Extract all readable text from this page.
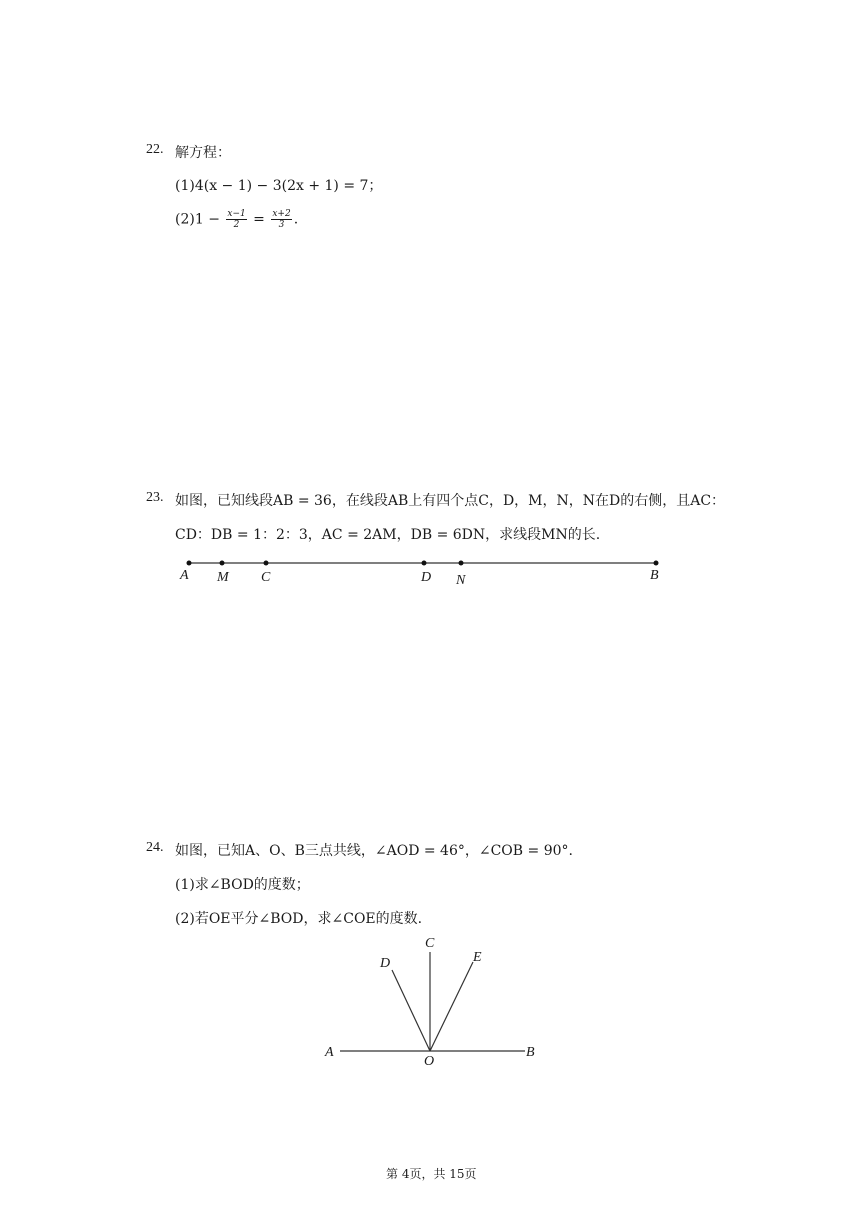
22. 解方程：
(1)4(x − 1) − 3(2x + 1) = 7；
$(2)1 - \frac{x-1}{2} = \frac{x+2}{3}$ .
23. 如图，已知线段AB = 36，在线段AB上有四个点C，D，M，N，N在D的右侧，且AC：
CD：DB = 1：2：3，AC = 2AM，DB = 6DN，求线段MN的长.
A M C	D N	B
24. 如图，已知A、O、B三点共线，∠AOD = 46°，∠COB = 90°.
(1)求∠BOD的度数；
(2)若OE平分∠BOD，求∠COE的度数.
C
D	E
A
O
B
第 4页，共 15页
